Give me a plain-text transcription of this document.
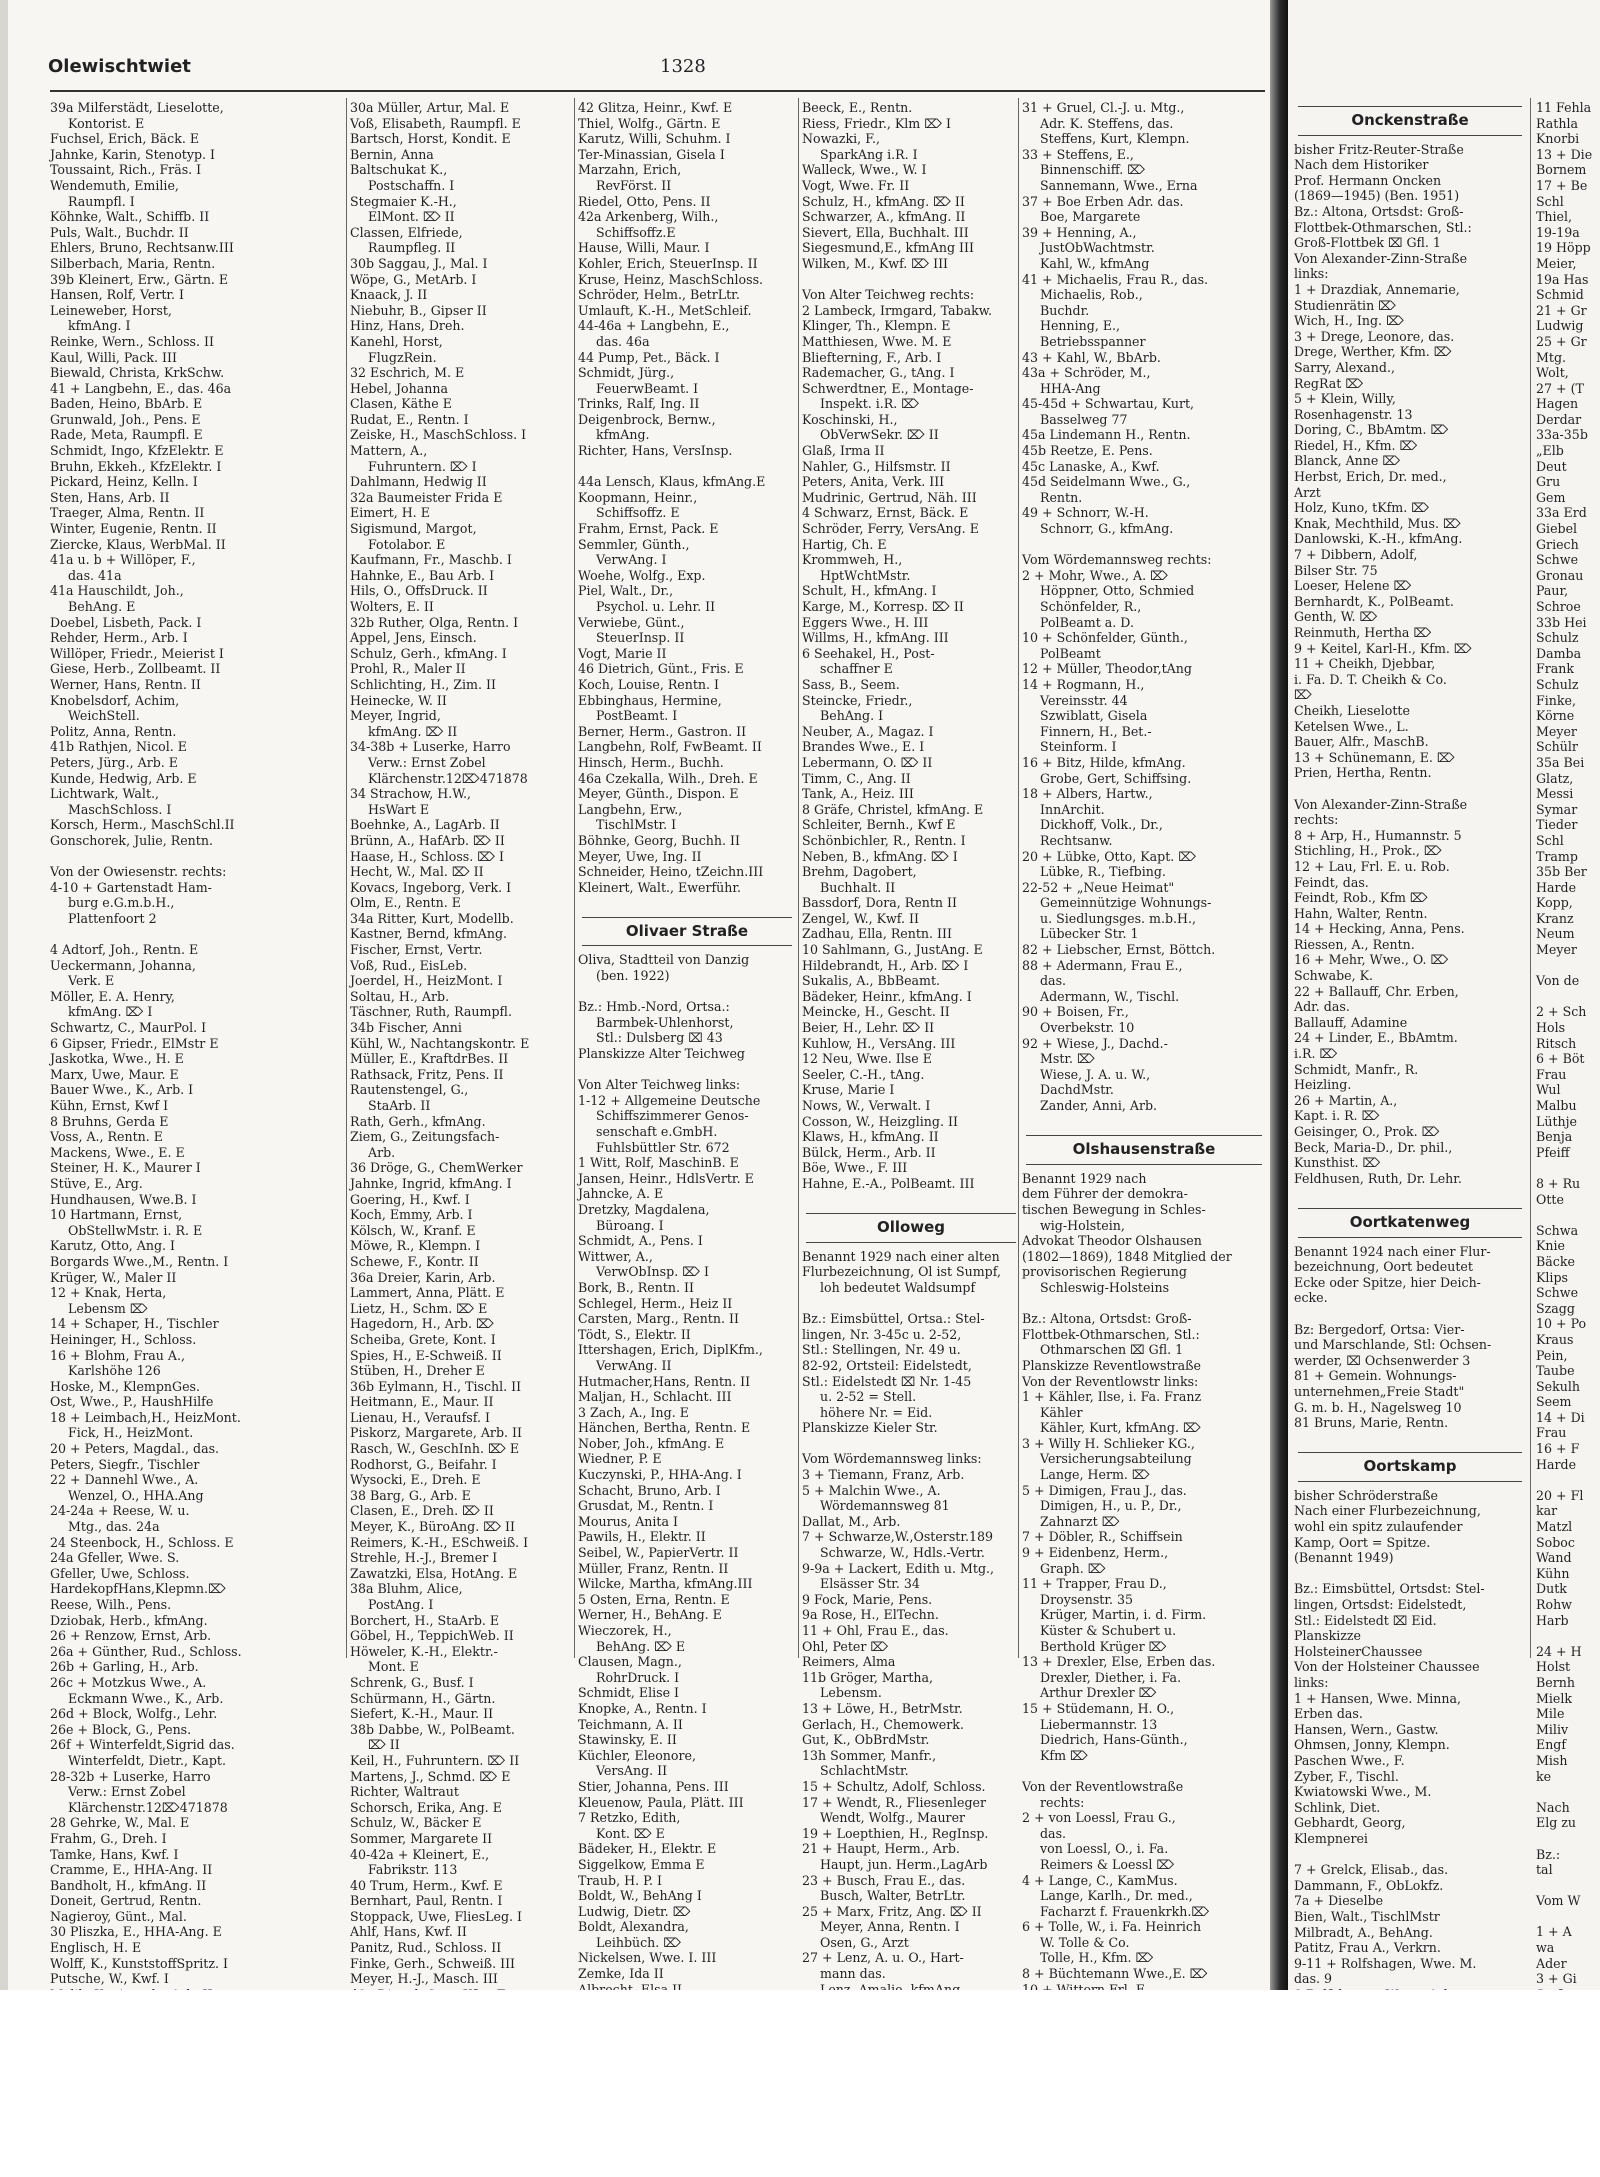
Olewischtwiet	1328
39a Milferstädt, Lieselotte,
Kontorist. E
Fuchsel, Erich, Bäck. E
Jahnke, Karin, Stenotyp. I
Toussaint, Rich., Fräs. I
Wendemuth, Emilie,
Raumpfl. I
Köhnke, Walt., Schiffb. II
Puls, Walt., Buchdr. II
Ehlers, Bruno, Rechtsanw.III
Silberbach, Maria, Rentn.
39b Kleinert, Erw., Gärtn. E
Hansen, Rolf, Vertr. I
Leineweber, Horst,
kfmAng. I
Reinke, Wern., Schloss. II
Kaul, Willi, Pack. III
Biewald, Christa, KrkSchw.
41 + Langbehn, E., das. 46a
Baden, Heino, BbArb. E
Grunwald, Joh., Pens. E
Rade, Meta, Raumpfl. E
Schmidt, Ingo, KfzElektr. E
Bruhn, Ekkeh., KfzElektr. I
Pickard, Heinz, Kelln. I
Sten, Hans, Arb. II
Traeger, Alma, Rentn. II
Winter, Eugenie, Rentn. II
Ziercke, Klaus, WerbMal. II
41a u. b + Willöper, F.,
das. 41a
41a Hauschildt, Joh.,
BehAng. E
Doebel, Lisbeth, Pack. I
Rehder, Herm., Arb. I
Willöper, Friedr., Meierist I
Giese, Herb., Zollbeamt. II
Werner, Hans, Rentn. II
Knobelsdorf, Achim,
WeichStell.
Politz, Anna, Rentn.
41b Rathjen, Nicol. E
Peters, Jürg., Arb. E
Kunde, Hedwig, Arb. E
Lichtwark, Walt.,
MaschSchloss. I
Korsch, Herm., MaschSchl.II
Gonschorek, Julie, Rentn.

Von der Owiesenstr. rechts:
4-10 + Gartenstadt Ham-
burg e.G.m.b.H.,
Plattenfoort 2

4 Adtorf, Joh., Rentn. E
Ueckermann, Johanna,
Verk. E
Möller, E. A. Henry,
kfmAng. ⌦ I
Schwartz, C., MaurPol. I
6 Gipser, Friedr., ElMstr E
Jaskotka, Wwe., H. E
Marx, Uwe, Maur. E
Bauer Wwe., K., Arb. I
Kühn, Ernst, Kwf I
8 Bruhns, Gerda E
Voss, A., Rentn. E
Mackens, Wwe., E. E
Steiner, H. K., Maurer I
Stüve, E., Arg.
Hundhausen, Wwe.B. I
10 Hartmann, Ernst,
ObStellwMstr. i. R. E
Karutz, Otto, Ang. I
Borgards Wwe.,M., Rentn. I
Krüger, W., Maler II
12 + Knak, Herta,
Lebensm ⌦
14 + Schaper, H., Tischler
Heininger, H., Schloss.
16 + Blohm, Frau A.,
Karlshöhe 126
Hoske, M., KlempnGes.
Ost, Wwe., P., HaushHilfe
18 + Leimbach,H., HeizMont.
Fick, H., HeizMont.
20 + Peters, Magdal., das.
Peters, Siegfr., Tischler
22 + Dannehl Wwe., A.
Wenzel, O., HHA.Ang
24-24a + Reese, W. u.
Mtg., das. 24a
24 Steenbock, H., Schloss. E
24a Gfeller, Wwe. S.
Gfeller, Uwe, Schloss.
HardekopfHans,Klepmn.⌦
Reese, Wilh., Pens.
Dziobak, Herb., kfmAng.
26 + Renzow, Ernst, Arb.
26a + Günther, Rud., Schloss.
26b + Garling, H., Arb.
26c + Motzkus Wwe., A.
Eckmann Wwe., K., Arb.
26d + Block, Wolfg., Lehr.
26e + Block, G., Pens.
26f + Winterfeldt,Sigrid das.
Winterfeldt, Dietr., Kapt.
28-32b + Luserke, Harro
Verw.: Ernst Zobel
Klärchenstr.12⌦471878
28 Gehrke, W., Mal. E
Frahm, G., Dreh. I
Tamke, Hans, Kwf. I
Cramme, E., HHA-Ang. II
Bandholt, H., kfmAng. II
Doneit, Gertrud, Rentn.
Nagieroy, Günt., Mal.
30 Pliszka, E., HHA-Ang. E
Englisch, H. E
Wolff, K., KunststoffSpritz. I
Putsche, W., Kwf. I
30a Müller, Artur, Mal. E
Voß, Elisabeth, Raumpfl. E
Bartsch, Horst, Kondit. E
Bernin, Anna
Baltschukat K.,
Postschaffn. I
Stegmaier K.-H.,
ElMont. ⌦ II
Classen, Elfriede,
Raumpfleg. II
30b Saggau, J., Mal. I
Wöpe, G., MetArb. I
Knaack, J. II
Niebuhr, B., Gipser II
Hinz, Hans, Dreh.
Kanehl, Horst,
FlugzRein.
32 Eschrich, M. E
Hebel, Johanna
Clasen, Käthe E
Rudat, E., Rentn. I
Zeiske, H., MaschSchloss. I
Mattern, A.,
Fuhruntern. ⌦ I
Dahlmann, Hedwig II
32a Baumeister Frida E
Eimert, H. E
Sigismund, Margot,
Fotolabor. E
Kaufmann, Fr., Maschb. I
Hahnke, E., Bau Arb. I
Hils, O., OffsDruck. II
Wolters, E. II
32b Ruther, Olga, Rentn. I
Appel, Jens, Einsch.
Schulz, Gerh., kfmAng. I
Prohl, R., Maler II
Schlichting, H., Zim. II
Heinecke, W. II
Meyer, Ingrid,
kfmAng. ⌦ II
34-38b + Luserke, Harro
Verw.: Ernst Zobel
Klärchenstr.12⌦471878
34 Strachow, H.W.,
HsWart E
Boehnke, A., LagArb. II
Brünn, A., HafArb. ⌦ II
Haase, H., Schloss. ⌦ I
Hecht, W., Mal. ⌦ II
Kovacs, Ingeborg, Verk. I
Olm, E., Rentn. E
34a Ritter, Kurt, Modellb.
Kastner, Bernd, kfmAng.
Fischer, Ernst, Vertr.
Voß, Rud., EisLeb.
Joerdel, H., HeizMont. I
Soltau, H., Arb.
Täschner, Ruth, Raumpfl.
34b Fischer, Anni
Kühl, W., Nachtangskontr. E
Müller, E., KraftdrBes. II
Rathsack, Fritz, Pens. II
Rautenstengel, G.,
StaArb. II
Rath, Gerh., kfmAng.
Ziem, G., Zeitungsfach-
Arb.
36 Dröge, G., ChemWerker
Jahnke, Ingrid, kfmAng. I
Goering, H., Kwf. I
Koch, Emmy, Arb. I
Kölsch, W., Kranf. E
Möwe, R., Klempn. I
Schewe, F., Kontr. II
36a Dreier, Karin, Arb.
Lammert, Anna, Plätt. E
Lietz, H., Schm. ⌦ E
Hagedorn, H., Arb. ⌦
Scheiba, Grete, Kont. I
Spies, H., E-Schweiß. II
Stüben, H., Dreher E
36b Eylmann, H., Tischl. II
Heitmann, E., Maur. II
Lienau, H., Veraufsf. I
Piskorz, Margarete, Arb. II
Rasch, W., GeschInh. ⌦ E
Rodhorst, G., Beifahr. I
Wysocki, E., Dreh. E
38 Barg, G., Arb. E
Clasen, E., Dreh. ⌦ II
Meyer, K., BüroAng. ⌦ II
Reimers, K.-H., ESchweiß. I
Strehle, H.-J., Bremer I
Zawatzki, Elsa, HotAng. E
38a Bluhm, Alice,
PostAng. I
Borchert, H., StaArb. E
Göbel, H., TeppichWeb. II
Höweler, K.-H., Elektr.-
Mont. E
Schrenk, G., Busf. I
Schürmann, H., Gärtn.
Siefert, K.-H., Maur. II
38b Dabbe, W., PolBeamt.
⌦ II
Keil, H., Fuhruntern. ⌦ II
Martens, J., Schmd. ⌦ E
Richter, Waltraut
Schorsch, Erika, Ang. E
Schulz, W., Bäcker E
Sommer, Margarete II
40-42a + Kleinert, E.,
Fabrikstr. 113
40 Trum, Herm., Kwf. E
Bernhart, Paul, Rentn. I
Stoppack, Uwe, FliesLeg. I
Ahlf, Hans, Kwf. II
Panitz, Rud., Schloss. II
Finke, Gerh., Schweiß. III
Meyer, H.-J., Masch. III
42 Glitza, Heinr., Kwf. E
Thiel, Wolfg., Gärtn. E
Karutz, Willi, Schuhm. I
Ter-Minassian, Gisela I
Marzahn, Erich,
RevFörst. II
Riedel, Otto, Pens. II
42a Arkenberg, Wilh.,
Schiffsoffz.E
Hause, Willi, Maur. I
Kohler, Erich, SteuerInsp. II
Kruse, Heinz, MaschSchloss.
Schröder, Helm., BetrLtr.
Umlauft, K.-H., MetSchleif.
44-46a + Langbehn, E.,
das. 46a
44 Pump, Pet., Bäck. I
Schmidt, Jürg.,
FeuerwBeamt. I
Trinks, Ralf, Ing. II
Deigenbrock, Bernw.,
kfmAng.
Richter, Hans, VersInsp.

44a Lensch, Klaus, kfmAng.E
Koopmann, Heinr.,
Schiffsoffz. E
Frahm, Ernst, Pack. E
Semmler, Günth.,
VerwAng. I
Woehe, Wolfg., Exp.
Piel, Walt., Dr.,
Psychol. u. Lehr. II
Verwiebe, Günt.,
SteuerInsp. II
Vogt, Marie II
46 Dietrich, Günt., Fris. E
Koch, Louise, Rentn. I
Ebbinghaus, Hermine,
PostBeamt. I
Berner, Herm., Gastron. II
Langbehn, Rolf, FwBeamt. II
Hinsch, Herm., Buchh.
46a Czekalla, Wilh., Dreh. E
Meyer, Günth., Dispon. E
Langbehn, Erw.,
TischlMstr. I
Böhnke, Georg, Buchh. II
Meyer, Uwe, Ing. II
Schneider, Heino, tZeichn.III
Kleinert, Walt., Ewerführ.

Olivaer Straße
Oliva, Stadtteil von Danzig
(ben. 1922)

Bz.: Hmb.-Nord, Ortsa.:
Barmbek-Uhlenhorst,
Stl.: Dulsberg ⌧ 43
Planskizze Alter Teichweg

Von Alter Teichweg links:
1-12 + Allgemeine Deutsche
Schiffszimmerer Genos-
senschaft e.GmbH.
Fuhlsbüttler Str. 672
1 Witt, Rolf, MaschinB. E
Jansen, Heinr., HdlsVertr. E
Jahncke, A. E
Dretzky, Magdalena,
Büroang. I
Schmidt, A., Pens. I
Wittwer, A.,
VerwObInsp. ⌦ I
Bork, B., Rentn. II
Schlegel, Herm., Heiz II
Carsten, Marg., Rentn. II
Tödt, S., Elektr. II
Ittershagen, Erich, DiplKfm.,
VerwAng. II
Hutmacher,Hans, Rentn. II
Maljan, H., Schlacht. III
3 Zach, A., Ing. E
Hänchen, Bertha, Rentn. E
Nober, Joh., kfmAng. E
Wiedner, P. E
Kuczynski, P., HHA-Ang. I
Schacht, Bruno, Arb. I
Grusdat, M., Rentn. I
Mourus, Anita I
Pawils, H., Elektr. II
Seibel, W., PapierVertr. II
Müller, Franz, Rentn. II
Wilcke, Martha, kfmAng.III
5 Osten, Erna, Rentn. E
Werner, H., BehAng. E
Wieczorek, H.,
BehAng. ⌦ E
Clausen, Magn.,
RohrDruck. I
Schmidt, Elise I
Knopke, A., Rentn. I
Teichmann, A. II
Stawinsky, E. II
Küchler, Eleonore,
VersAng. II
Stier, Johanna, Pens. III
Kleuenow, Paula, Plätt. III
7 Retzko, Edith,
Kont. ⌦ E
Bädeker, H., Elektr. E
Siggelkow, Emma E
Traub, H. P. I
Boldt, W., BehAng I
Ludwig, Dietr. ⌦
Boldt, Alexandra,
Leihbüch. ⌦
Nickelsen, Wwe. I. III
Zemke, Ida II
Beeck, E., Rentn.
Riess, Friedr., Klm ⌦ I
Nowazki, F.,
SparkAng i.R. I
Walleck, Wwe., W. I
Vogt, Wwe. Fr. II
Schulz, H., kfmAng. ⌦ II
Schwarzer, A., kfmAng. II
Sievert, Ella, Buchhalt. III
Siegesmund,E., kfmAng III
Wilken, M., Kwf. ⌦ III

Von Alter Teichweg rechts:
2 Lambeck, Irmgard, Tabakw.
Klinger, Th., Klempn. E
Matthiesen, Wwe. M. E
Bliefterning, F., Arb. I
Rademacher, G., tAng. I
Schwerdtner, E., Montage-
Inspekt. i.R. ⌦
Koschinski, H.,
ObVerwSekr. ⌦ II
Glaß, Irma II
Nahler, G., Hilfsmstr. II
Peters, Anita, Verk. III
Mudrinic, Gertrud, Näh. III
4 Schwarz, Ernst, Bäck. E
Schröder, Ferry, VersAng. E
Hartig, Ch. E
Krommweh, H.,
HptWchtMstr.
Schult, H., kfmAng. I
Karge, M., Korresp. ⌦ II
Eggers Wwe., H. III
Willms, H., kfmAng. III
6 Seehakel, H., Post-
schaffner E
Sass, B., Seem.
Steincke, Friedr.,
BehAng. I
Neuber, A., Magaz. I
Brandes Wwe., E. I
Lebermann, O. ⌦ II
Timm, C., Ang. II
Tank, A., Heiz. III
8 Gräfe, Christel, kfmAng. E
Schleiter, Bernh., Kwf E
Schönbichler, R., Rentn. I
Neben, B., kfmAng. ⌦ I
Brehm, Dagobert,
Buchhalt. II
Bassdorf, Dora, Rentn II
Zengel, W., Kwf. II
Zadhau, Ella, Rentn. III
10 Sahlmann, G., JustAng. E
Hildebrandt, H., Arb. ⌦ I
Sukalis, A., BbBeamt.
Bädeker, Heinr., kfmAng. I
Meincke, H., Gescht. II
Beier, H., Lehr. ⌦ II
Kuhlow, H., VersAng. III
12 Neu, Wwe. Ilse E
Seeler, C.-H., tAng.
Kruse, Marie I
Nows, W., Verwalt. I
Cosson, W., Heizgling. II
Klaws, H., kfmAng. II
Bülck, Herm., Arb. II
Böe, Wwe., F. III
Hahne, E.-A., PolBeamt. III

Olloweg
Benannt 1929 nach einer alten
Flurbezeichnung, Ol ist Sumpf,
loh bedeutet Waldsumpf

Bz.: Eimsbüttel, Ortsa.: Stel-
lingen, Nr. 3-45c u. 2-52,
Stl.: Stellingen, Nr. 49 u.
82-92, Ortsteil: Eidelstedt,
Stl.: Eidelstedt ⌧ Nr. 1-45
u. 2-52 = Stell.
höhere Nr. = Eid.
Planskizze Kieler Str.

Vom Wördemannsweg links:
3 + Tiemann, Franz, Arb.
5 + Malchin Wwe., A.
Wördemannsweg 81
Dallat, M., Arb.
7 + Schwarze,W.,Osterstr.189
Schwarze, W., Hdls.-Vertr.
9-9a + Lackert, Edith u. Mtg.,
Elsässer Str. 34
9 Fock, Marie, Pens.
9a Rose, H., ElTechn.
11 + Ohl, Frau E., das.
Ohl, Peter ⌦
Reimers, Alma
11b Gröger, Martha,
Lebensm.
13 + Löwe, H., BetrMstr.
Gerlach, H., Chemowerk.
Gut, K., ObBrdMstr.
13h Sommer, Manfr.,
SchlachtMstr.
15 + Schultz, Adolf, Schloss.
17 + Wendt, R., Fliesenleger
Wendt, Wolfg., Maurer
19 + Loepthien, H., RegInsp.
21 + Haupt, Herm., Arb.
Haupt, jun. Herm.,LagArb
23 + Busch, Frau E., das.
Busch, Walter, BetrLtr.
25 + Marx, Fritz, Ang. ⌦ II
Meyer, Anna, Rentn. I
Osen, G., Arzt
27 + Lenz, A. u. O., Hart-
mann das.
31 + Gruel, Cl.-J. u. Mtg.,
Adr. K. Steffens, das.
Steffens, Kurt, Klempn.
33 + Steffens, E.,
Binnenschiff. ⌦
Sannemann, Wwe., Erna
37 + Boe Erben Adr. das.
Boe, Margarete
39 + Henning, A.,
JustObWachtmstr.
Kahl, W., kfmAng
41 + Michaelis, Frau R., das.
Michaelis, Rob.,
Buchdr.
Henning, E.,
Betriebsspanner
43 + Kahl, W., BbArb.
43a + Schröder, M.,
HHA-Ang
45-45d + Schwartau, Kurt,
Basselweg 77
45a Lindemann H., Rentn.
45b Reetze, E. Pens.
45c Lanaske, A., Kwf.
45d Seidelmann Wwe., G.,
Rentn.
49 + Schnorr, W.-H.
Schnorr, G., kfmAng.

Vom Wördemannsweg rechts:
2 + Mohr, Wwe., A. ⌦
Höppner, Otto, Schmied
Schönfelder, R.,
PolBeamt a. D.
10 + Schönfelder, Günth.,
PolBeamt
12 + Müller, Theodor,tAng
14 + Rogmann, H.,
Vereinsstr. 44
Szwiblatt, Gisela
Finnern, H., Bet.-
Steinform. I
16 + Bitz, Hilde, kfmAng.
Grobe, Gert, Schiffsing.
18 + Albers, Hartw.,
InnArchit.
Dickhoff, Volk., Dr.,
Rechtsanw.
20 + Lübke, Otto, Kapt. ⌦
Lübke, R., Tiefbing.
22-52 + „Neue Heimat"
Gemeinnützige Wohnungs-
u. Siedlungsges. m.b.H.,
Lübecker Str. 1
82 + Liebscher, Ernst, Böttch.
88 + Adermann, Frau E.,
das.
Adermann, W., Tischl.
90 + Boisen, Fr.,
Overbekstr. 10
92 + Wiese, J., Dachd.-
Mstr. ⌦
Wiese, J. A. u. W.,
DachdMstr.
Zander, Anni, Arb.

Olshausenstraße
Benannt 1929 nach
dem Führer der demokra-
tischen Bewegung in Schles-
wig-Holstein,
Advokat Theodor Olshausen
(1802—1869), 1848 Mitglied der
provisorischen Regierung
Schleswig-Holsteins

Bz.: Altona, Ortsdst: Groß-
Flottbek-Othmarschen, Stl.:
Othmarschen ⌧ Gfl. 1
Planskizze Reventlowstraße
Von der Reventlowstr links:
1 + Kähler, Ilse, i. Fa. Franz
Kähler
Kähler, Kurt, kfmAng. ⌦
3 + Willy H. Schlieker KG.,
Versicherungsabteilung
Lange, Herm. ⌦
5 + Dimigen, Frau J., das.
Dimigen, H., u. P., Dr.,
Zahnarzt ⌦
7 + Döbler, R., Schiffsein
9 + Eidenbenz, Herm.,
Graph. ⌦
11 + Trapper, Frau D.,
Droysenstr. 35
Krüger, Martin, i. d. Firm.
Küster & Schubert u.
Berthold Krüger ⌦
13 + Drexler, Else, Erben das.
Drexler, Diether, i. Fa.
Arthur Drexler ⌦
15 + Stüdemann, H. O.,
Liebermannstr. 13
Diedrich, Hans-Günth.,
Kfm ⌦

Von der Reventlowstraße
rechts:
2 + von Loessl, Frau G.,
das.
von Loessl, O., i. Fa.
Reimers & Loessl ⌦
4 + Lange, C., KamMus.
Lange, Karlh., Dr. med.,
Facharzt f. Frauenkrkh.⌦
6 + Tolle, W., i. Fa. Heinrich
W. Tolle & Co.
Tolle, H., Kfm. ⌦
8 + Büchtemann Wwe.,E. ⌦
Onckenstraße
bisher Fritz-Reuter-Straße
Nach dem Historiker
Prof. Hermann Oncken
(1869—1945) (Ben. 1951)
Bz.: Altona, Ortsdst: Groß-
Flottbek-Othmarschen, Stl.:
Groß-Flottbek ⌧ Gfl. 1
Von Alexander-Zinn-Straße
links:
1 + Drazdiak, Annemarie,
Studienrätin ⌦
Wich, H., Ing. ⌦
3 + Drege, Leonore, das.
Drege, Werther, Kfm. ⌦
Sarry, Alexand.,
RegRat ⌦
5 + Klein, Willy,
Rosenhagenstr. 13
Doring, C., BbAmtm. ⌦
Riedel, H., Kfm. ⌦
Blanck, Anne ⌦
Herbst, Erich, Dr. med.,
Arzt
Holz, Kuno, tKfm. ⌦
Knak, Mechthild, Mus. ⌦
Danlowski, K.-H., kfmAng.
7 + Dibbern, Adolf,
Bilser Str. 75
Loeser, Helene ⌦
Bernhardt, K., PolBeamt.
Genth, W. ⌦
Reinmuth, Hertha ⌦
9 + Keitel, Karl-H., Kfm. ⌦
11 + Cheikh, Djebbar,
i. Fa. D. T. Cheikh & Co.
⌦
Cheikh, Lieselotte
Ketelsen Wwe., L.
Bauer, Alfr., MaschB.
13 + Schünemann, E. ⌦
Prien, Hertha, Rentn.

Von Alexander-Zinn-Straße
rechts:
8 + Arp, H., Humannstr. 5
Stichling, H., Prok., ⌦
12 + Lau, Frl. E. u. Rob.
Feindt, das.
Feindt, Rob., Kfm ⌦
Hahn, Walter, Rentn.
14 + Hecking, Anna, Pens.
Riessen, A., Rentn.
16 + Mehr, Wwe., O. ⌦
Schwabe, K.
22 + Ballauff, Chr. Erben,
Adr. das.
Ballauff, Adamine
24 + Linder, E., BbAmtm.
i.R. ⌦
Schmidt, Manfr., R.
Heizling.
26 + Martin, A.,
Kapt. i. R. ⌦
Geisinger, O., Prok. ⌦
Beck, Maria-D., Dr. phil.,
Kunsthist. ⌦
Feldhusen, Ruth, Dr. Lehr.

Oortkatenweg
Benannt 1924 nach einer Flur-
bezeichnung, Oort bedeutet
Ecke oder Spitze, hier Deich-
ecke.

Bz: Bergedorf, Ortsa: Vier-
und Marschlande, Stl: Ochsen-
werder, ⌧ Ochsenwerder 3
81 + Gemein. Wohnungs-
unternehmen„Freie Stadt"
G. m. b. H., Nagelsweg 10
81 Bruns, Marie, Rentn.

Oortskamp
bisher Schröderstraße
Nach einer Flurbezeichnung,
wohl ein spitz zulaufender
Kamp, Oort = Spitze.
(Benannt 1949)

Bz.: Eimsbüttel, Ortsdst: Stel-
lingen, Ortsdst: Eidelstedt,
Stl.: Eidelstedt ⌧ Eid.
Planskizze
HolsteinerChaussee
Von der Holsteiner Chaussee
links:
1 + Hansen, Wwe. Minna,
Erben das.
Hansen, Wern., Gastw.
Ohmsen, Jonny, Klempn.
Paschen Wwe., F.
Zyber, F., Tischl.
Kwiatowski Wwe., M.
Schlink, Diet.
Gebhardt, Georg,
Klempnerei

7 + Grelck, Elisab., das.
Dammann, F., ObLokfz.
7a + Dieselbe
Bien, Walt., TischlMstr
Milbradt, A., BehAng.
Patitz, Frau A., Verkrn.
9-11 + Rolfshagen, Wwe. M.
das. 9
11 Fehla
Rathla
Knorbi
13 + Die
Bornem
17 + Be
Schl
Thiel,
19-19a
19 Höpp
Meier,
19a Has
Schmid
21 + Gr
Ludwig
25 + Gr
Mtg.
Wolt,
27 + (T
Hagen
Derdar
33a-35b
„Elb
Deut
Gru
Gem
33a Erd
Giebel
Griech
Schwe
Gronau
Paur,
Schroe
33b Hei
Schulz
Damba
Frank
Schulz
Finke,
Körne
Meyer
Schülr
35a Bei
Glatz,
Messi
Symar
Tieder
Schl
Tramp
35b Ber
Harde
Kopp,
Kranz
Neum
Meyer

Von de

2 + Sch
Hols
Ritsch
6 + Böt
Frau
Wul
Malbu
Lüthje
Benja
Pfeiff

8 + Ru
Otte

Schwa
Knie
Bäcke
Klips
Schwe
Szagg
10 + Po
Kraus
Pein,
Taube
Sekulh
Seem
14 + Di
Frau
16 + F
Harde

20 + Fl
kar
Matzl
Soboc
Wand
Kühn
Dutk
Rohw
Harb

24 + H
Holst
Bernh
Mielk
Mile
Miliv
Engf
Mish
ke

Nach
Elg zu

Bz.:
tal

Vom W

1 + A
wa
Ader
3 + Gi
